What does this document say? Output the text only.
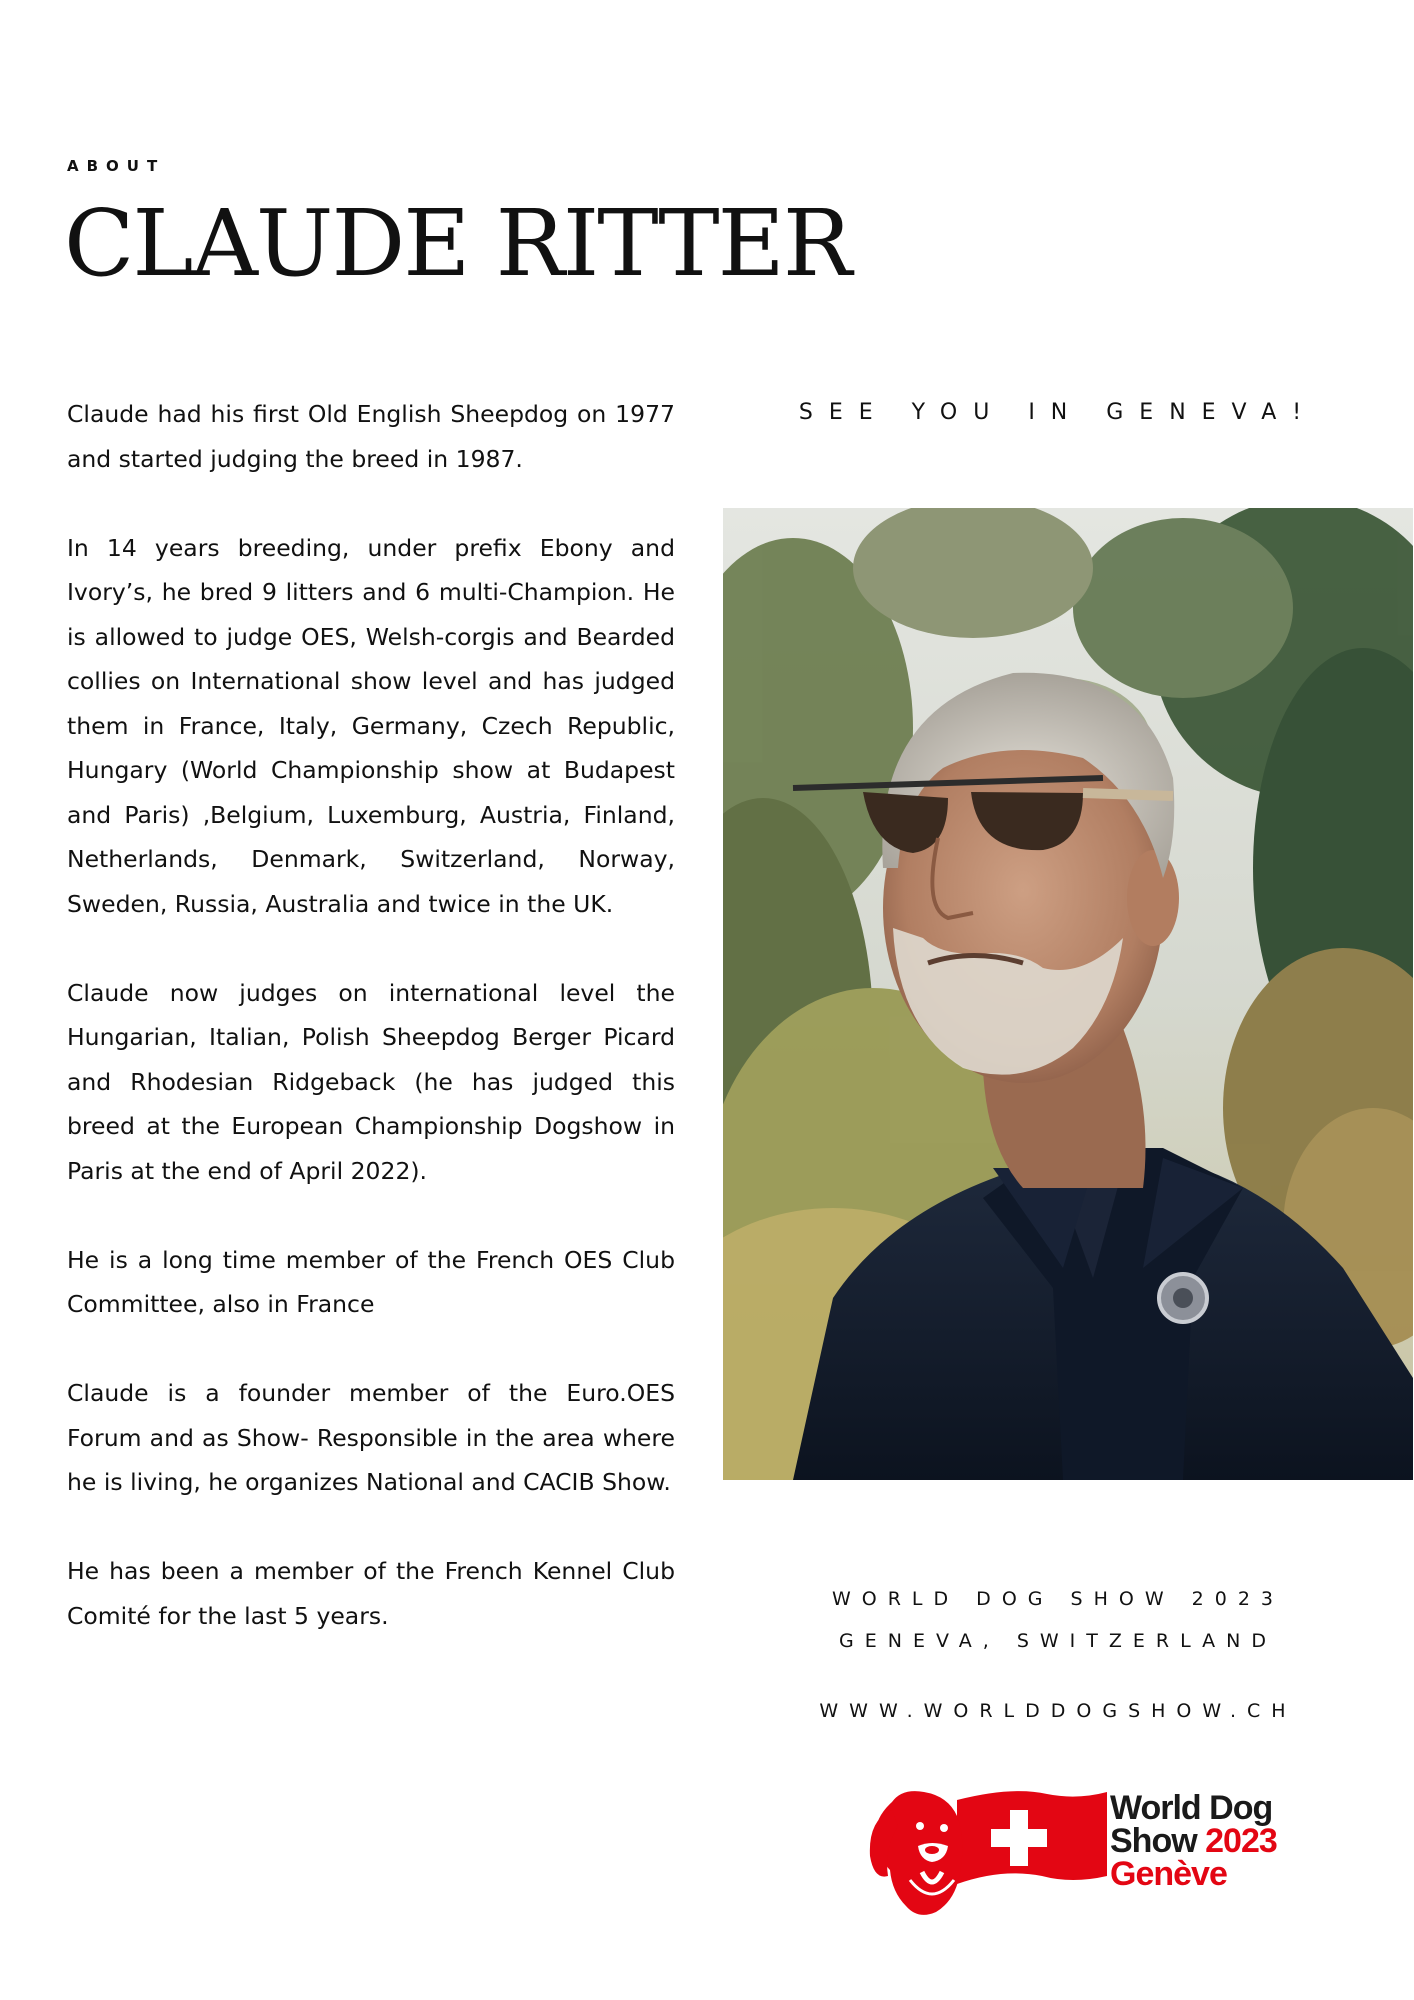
ABOUT
CLAUDE RITTER

Claude had his first Old English Sheepdog on 1977 and started judging the breed in 1987.

In 14 years breeding, under prefix Ebony and Ivory’s, he bred 9 litters and 6 multi-Champion. He is allowed to judge OES, Welsh-corgis and Bearded collies on International show level and has judged them in France, Italy, Germany, Czech Republic, Hungary (World Championship show at Budapest and Paris) ,Belgium, Luxemburg, Austria, Finland, Netherlands, Denmark, Switzerland, Norway, Sweden, Russia, Australia and twice in the UK.

Claude now judges on international level the Hungarian, Italian, Polish Sheepdog Berger Picard and Rhodesian Ridgeback (he has judged this breed at the European Championship Dogshow in Paris at the end of April 2022).

He is a long time member of the French OES Club Committee, also in France

Claude is a founder member of the Euro.OES Forum and as Show- Responsible in the area where he is living, he organizes National and CACIB Show.

He has been a member of the French Kennel Club Comité for the last 5 years.

SEE YOU IN GENEVA!
WORLD DOG SHOW 2023
GENEVA, SWITZERLAND
WWW.WORLDDOGSHOW.CH
World Dog
Show 2023
Genève
